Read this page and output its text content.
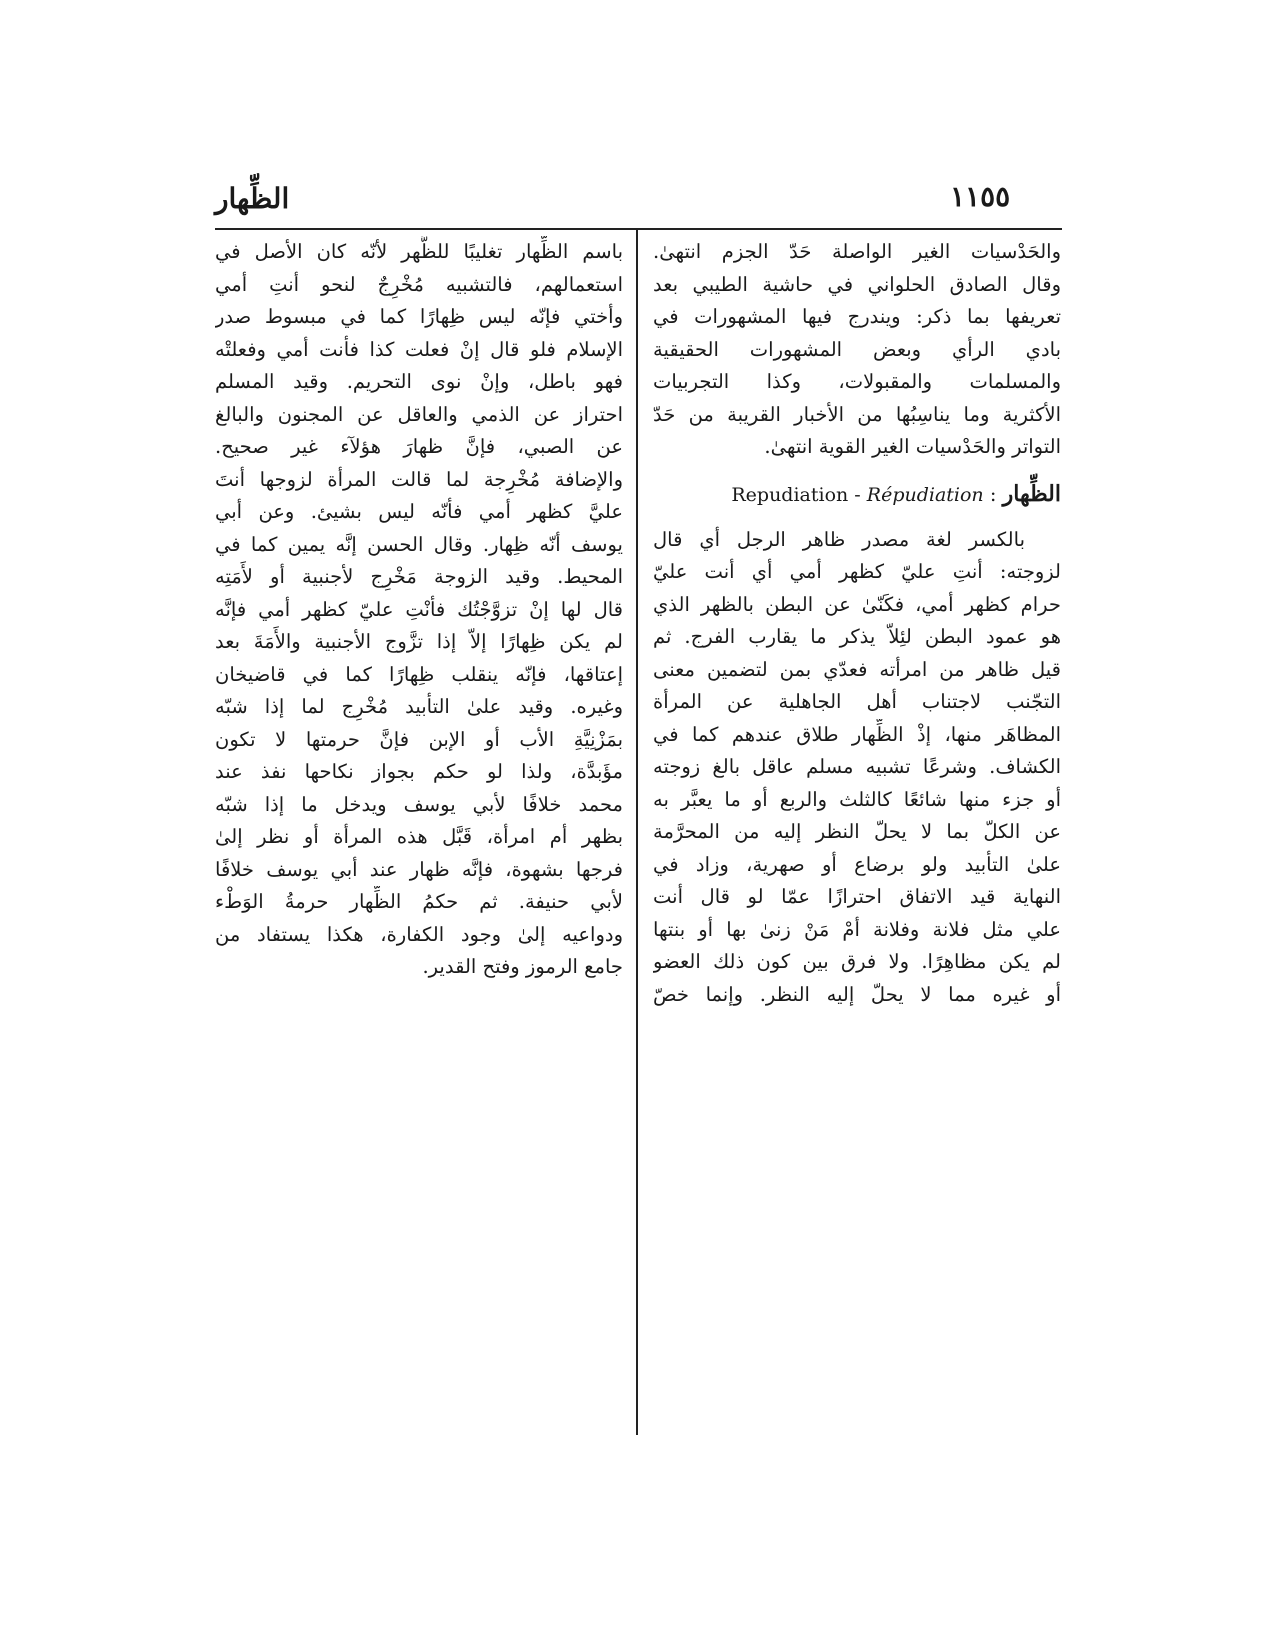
١١٥٥
الظِّهار
والحَدْسيات الغير الواصلة حَدّ الجزم انتهىٰ.
وقال الصادق الحلواني في حاشية الطيبي بعد
تعريفها بما ذكر: ويندرج فيها المشهورات في
بادي الرأي وبعض المشهورات الحقيقية
والمسلمات والمقبولات، وكذا التجربيات
الأكثرية وما يناسِبُها من الأخبار القريبة من حَدّ
التواتر والحَدْسيات الغير القوية انتهىٰ.
الظِّهار : Repudiation - Répudiation
بالكسر لغة مصدر ظاهر الرجل أي قال
لزوجته: أنتِ عليّ كظهر أمي أي أنت عليّ
حرام كظهر أمي، فكَنّىٰ عن البطن بالظهر الذي
هو عمود البطن لئِلاّ يذكر ما يقارب الفرج. ثم
قيل ظاهر من امرأته فعدّي بمن لتضمين معنى
التجّنب لاجتناب أهل الجاهلية عن المرأة
المظاهَر منها، إذْ الظِّهار طلاق عندهم كما في
الكشاف. وشرعًا تشبيه مسلم عاقل بالغ زوجته
أو جزء منها شائعًا كالثلث والربع أو ما يعبَّر به
عن الكلّ بما لا يحلّ النظر إليه من المحرَّمة
علىٰ التأبيد ولو برضاع أو صهرية، وزاد في
النهاية قيد الاتفاق احترازًا عمّا لو قال أنت
علي مثل فلانة وفلانة أمْ مَنْ زنىٰ بها أو بنتها
لم يكن مظاهِرًا. ولا فرق بين كون ذلك العضو
أو غيره مما لا يحلّ إليه النظر. وإنما خصّ
باسم الظِّهار تغليبًا للظَّهر لأنّه كان الأصل في
استعمالهم، فالتشبيه مُخْرِجٌ لنحو أنتِ أمي
وأختي فإنّه ليس ظِهارًا كما في مبسوط صدر
الإسلام فلو قال إنْ فعلت كذا فأنت أمي وفعلتْه
فهو باطل، وإنْ نوى التحريم. وقيد المسلم
احتراز عن الذمي والعاقل عن المجنون والبالغ
عن الصبي، فإنَّ ظهارَ هؤلآء غير صحيح.
والإضافة مُخْرِجة لما قالت المرأة لزوجها أنتَ
عليَّ كظهر أمي فأنّه ليس بشيئ. وعن أبي
يوسف أنّه ظِهار. وقال الحسن إنَّه يمين كما في
المحيط. وقيد الزوجة مَخْرِج لأجنبية أو لأَمَتِه
قال لها إنْ تزوَّجْتُك فأنْتِ عليّ كظهر أمي فإنَّه
لم يكن ظِهارًا إلاّ إذا تزَّوج الأجنبية والأَمَةَ بعد
إعتاقها، فإنّه ينقلب ظِهارًا كما في قاضيخان
وغيره. وقيد علىٰ التأبيد مُخْرِج لما إذا شبّه
بمَزْنِيَّةِ الأب أو الإبن فإنَّ حرمتها لا تكون
مؤَبدَّة، ولذا لو حكم بجواز نكاحها نفذ عند
محمد خلافًا لأبي يوسف ويدخل ما إذا شبّه
بظهر أم امرأة، قَبَّل هذه المرأة أو نظر إلىٰ
فرجها بشهوة، فإنَّه ظهار عند أبي يوسف خلافًا
لأبي حنيفة. ثم حكمُ الظِّهار حرمةُ الوَطْء
ودواعيه إلىٰ وجود الكفارة، هكذا يستفاد من
جامع الرموز وفتح القدير.
